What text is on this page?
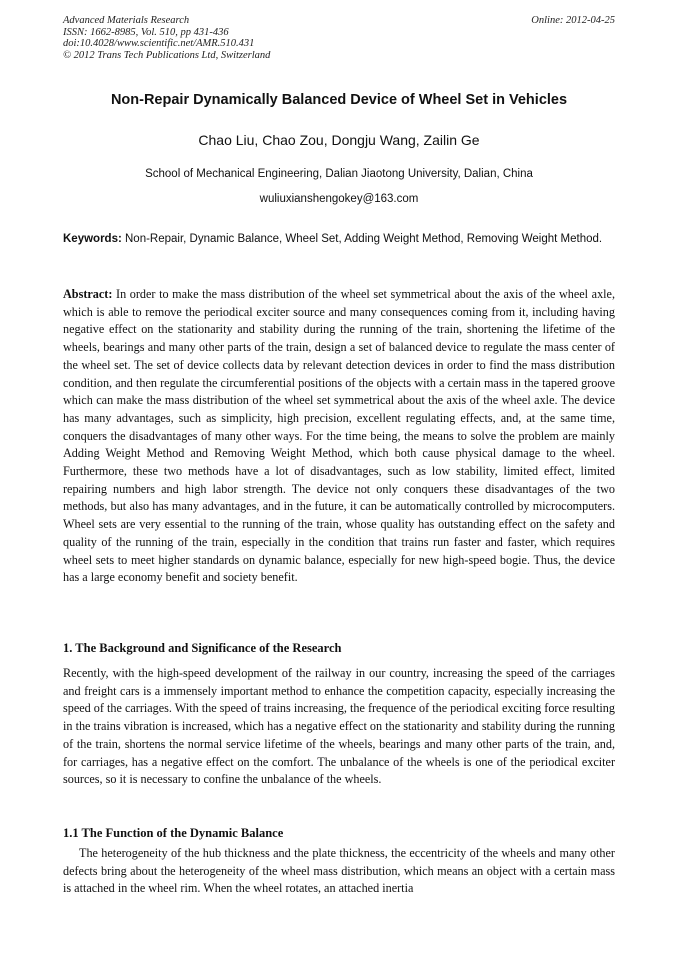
Advanced Materials Research
ISSN: 1662-8985, Vol. 510, pp 431-436
doi:10.4028/www.scientific.net/AMR.510.431
© 2012 Trans Tech Publications Ltd, Switzerland
Online: 2012-04-25
Non-Repair Dynamically Balanced Device of Wheel Set in Vehicles
Chao Liu, Chao Zou, Dongju Wang, Zailin Ge
School of Mechanical Engineering, Dalian Jiaotong University, Dalian, China
wuliuxianshengokey@163.com
Keywords: Non-Repair, Dynamic Balance, Wheel Set, Adding Weight Method, Removing Weight Method.
Abstract: In order to make the mass distribution of the wheel set symmetrical about the axis of the wheel axle, which is able to remove the periodical exciter source and many consequences coming from it, including having negative effect on the stationarity and stability during the running of the train, shortening the lifetime of the wheels, bearings and many other parts of the train, design a set of balanced device to regulate the mass center of the wheel set. The set of device collects data by relevant detection devices in order to find the mass distribution condition, and then regulate the circumferential positions of the objects with a certain mass in the tapered groove which can make the mass distribution of the wheel set symmetrical about the axis of the wheel axle. The device has many advantages, such as simplicity, high precision, excellent regulating effects, and, at the same time, conquers the disadvantages of many other ways. For the time being, the means to solve the problem are mainly Adding Weight Method and Removing Weight Method, which both cause physical damage to the wheel. Furthermore, these two methods have a lot of disadvantages, such as low stability, limited effect, limited repairing numbers and high labor strength. The device not only conquers these disadvantages of the two methods, but also has many advantages, and in the future, it can be automatically controlled by microcomputers. Wheel sets are very essential to the running of the train, whose quality has outstanding effect on the safety and quality of the running of the train, especially in the condition that trains run faster and faster, which requires wheel sets to meet higher standards on dynamic balance, especially for new high-speed bogie. Thus, the device has a large economy benefit and society benefit.
1. The Background and Significance of the Research
Recently, with the high-speed development of the railway in our country, increasing the speed of the carriages and freight cars is a immensely important method to enhance the competition capacity, especially increasing the speed of the carriages. With the speed of trains increasing, the frequence of the periodical exciting force resulting in the trains vibration is increased, which has a negative effect on the stationarity and stability during the running of the train, shortens the normal service lifetime of the wheels, bearings and many other parts of the train, and, for carriages, has a negative effect on the comfort. The unbalance of the wheels is one of the periodical exciter sources, so it is necessary to confine the unbalance of the wheels.
1.1 The Function of the Dynamic Balance
The heterogeneity of the hub thickness and the plate thickness, the eccentricity of the wheels and many other defects bring about the heterogeneity of the wheel mass distribution, which means an object with a certain mass is attached in the wheel rim. When the wheel rotates, an attached inertia
